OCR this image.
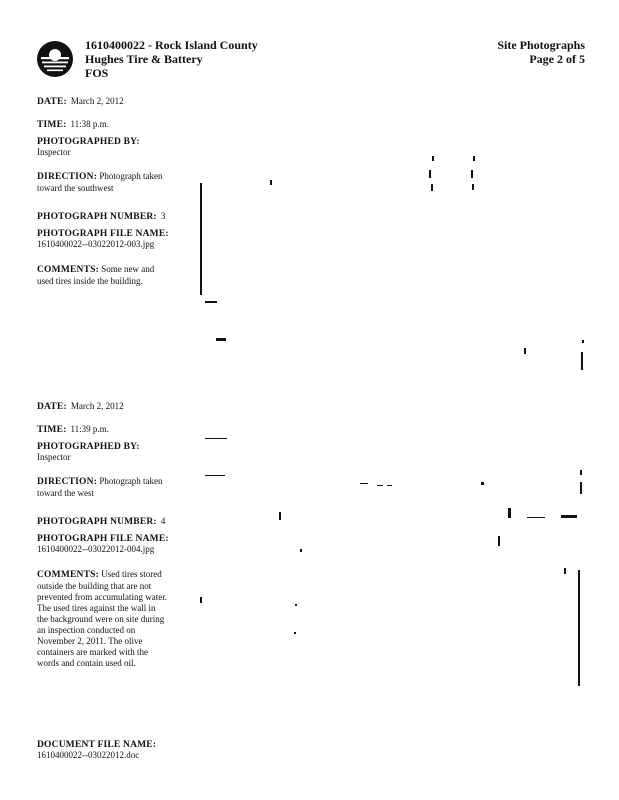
1610400022 - Rock Island County
Hughes Tire & Battery
FOS
Site Photographs
Page 2 of 5
DATE: March 2, 2012
TIME: 11:38 p.m.
PHOTOGRAPHED BY:
Inspector
DIRECTION: Photograph taken
toward the southwest
PHOTOGRAPH NUMBER: 3
PHOTOGRAPH FILE NAME:
1610400022--03022012-003.jpg
COMMENTS: Some new and
used tires inside the building.
DATE: March 2, 2012
TIME: 11:39 p.m.
PHOTOGRAPHED BY:
Inspector
DIRECTION: Photograph taken
toward the west
PHOTOGRAPH NUMBER: 4
PHOTOGRAPH FILE NAME:
1610400022--03022012-004.jpg
COMMENTS: Used tires stored
outside the building that are not
prevented from accumulating water.
The used tires against the wall in
the background were on site during
an inspection conducted on
November 2, 2011. The olive
containers are marked with the
words and contain used oil.
DOCUMENT FILE NAME:
1610400022--03022012.doc
